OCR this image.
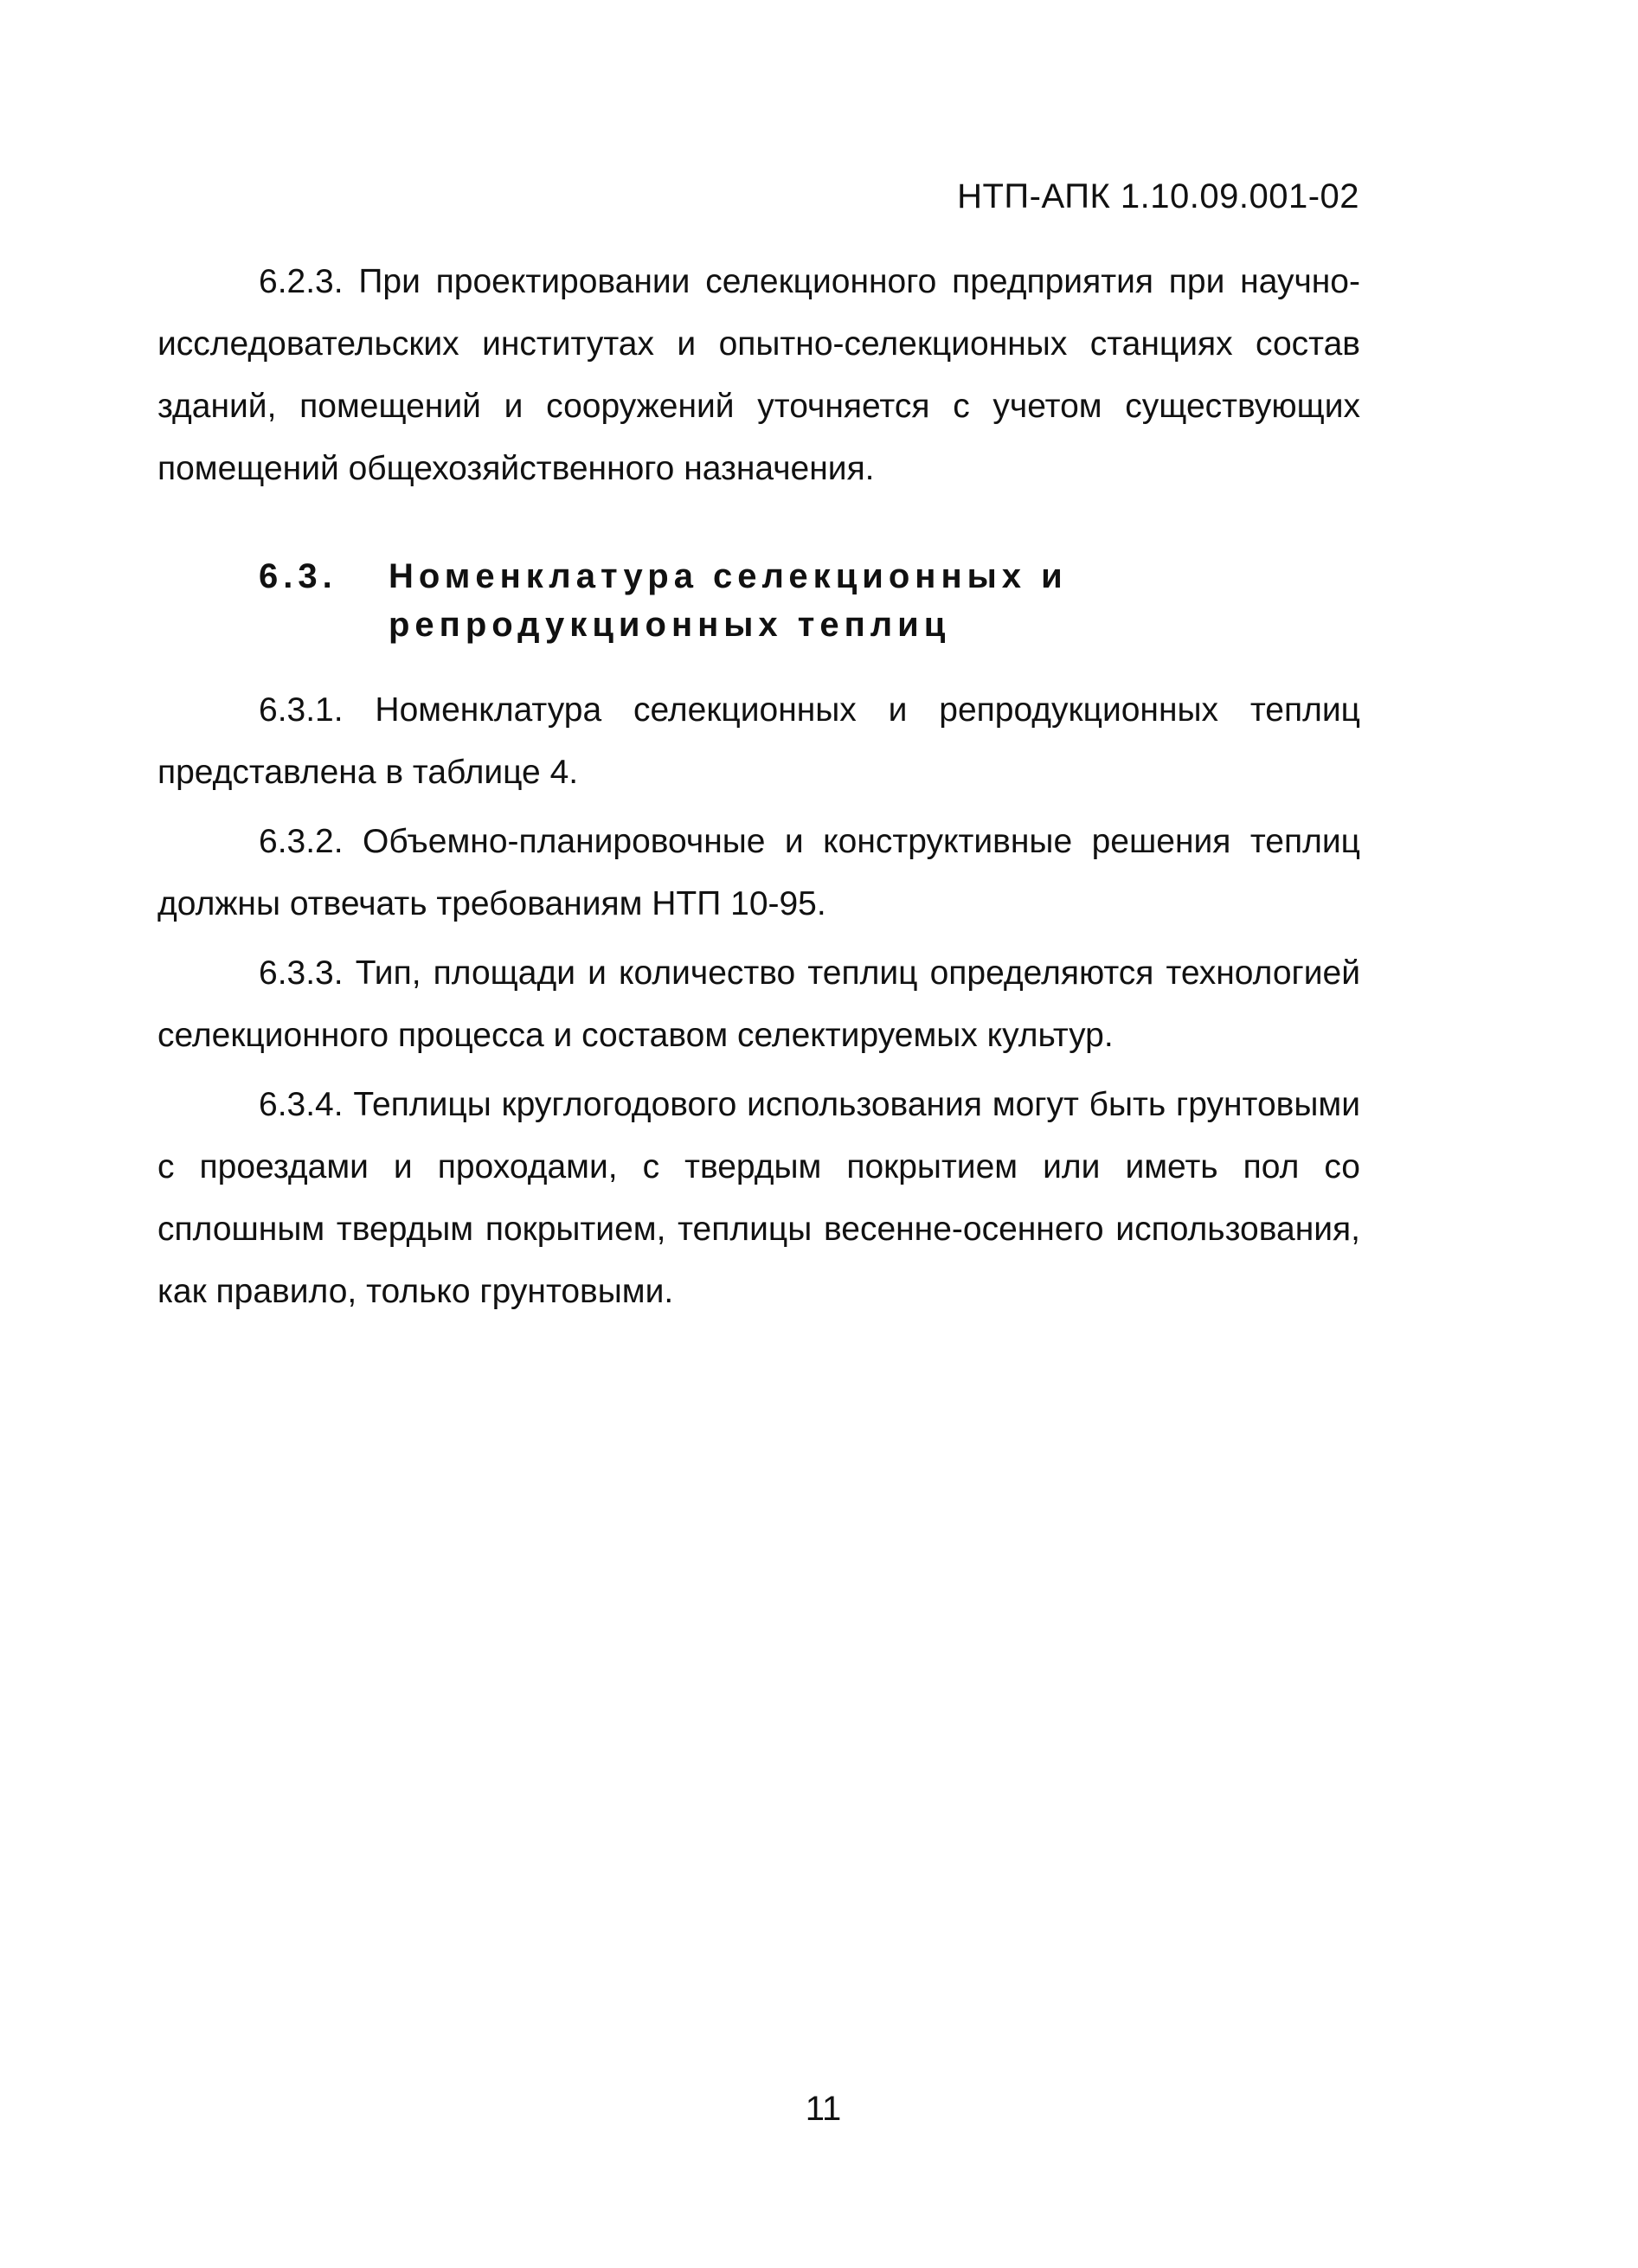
НТП-АПК 1.10.09.001-02

6.2.3. При проектировании селекционного предприятия при научно-исследовательских институтах и опытно-селекционных станциях состав зданий, помещений и сооружений уточняется с учетом существующих помещений общехозяйственного назначения.

6.3. Номенклатура селекционных и репродукционных теплиц

6.3.1. Номенклатура селекционных и репродукционных теплиц представлена в таблице 4.

6.3.2. Объемно-планировочные и конструктивные решения теплиц должны отвечать требованиям НТП 10-95.

6.3.3. Тип, площади и количество теплиц определяются технологией селекционного процесса и составом селектируемых культур.

6.3.4. Теплицы круглогодового использования могут быть грунтовыми с проездами и проходами, с твердым покрытием или иметь пол со сплошным твердым покрытием, теплицы весенне-осеннего использования, как правило, только грунтовыми.

11
